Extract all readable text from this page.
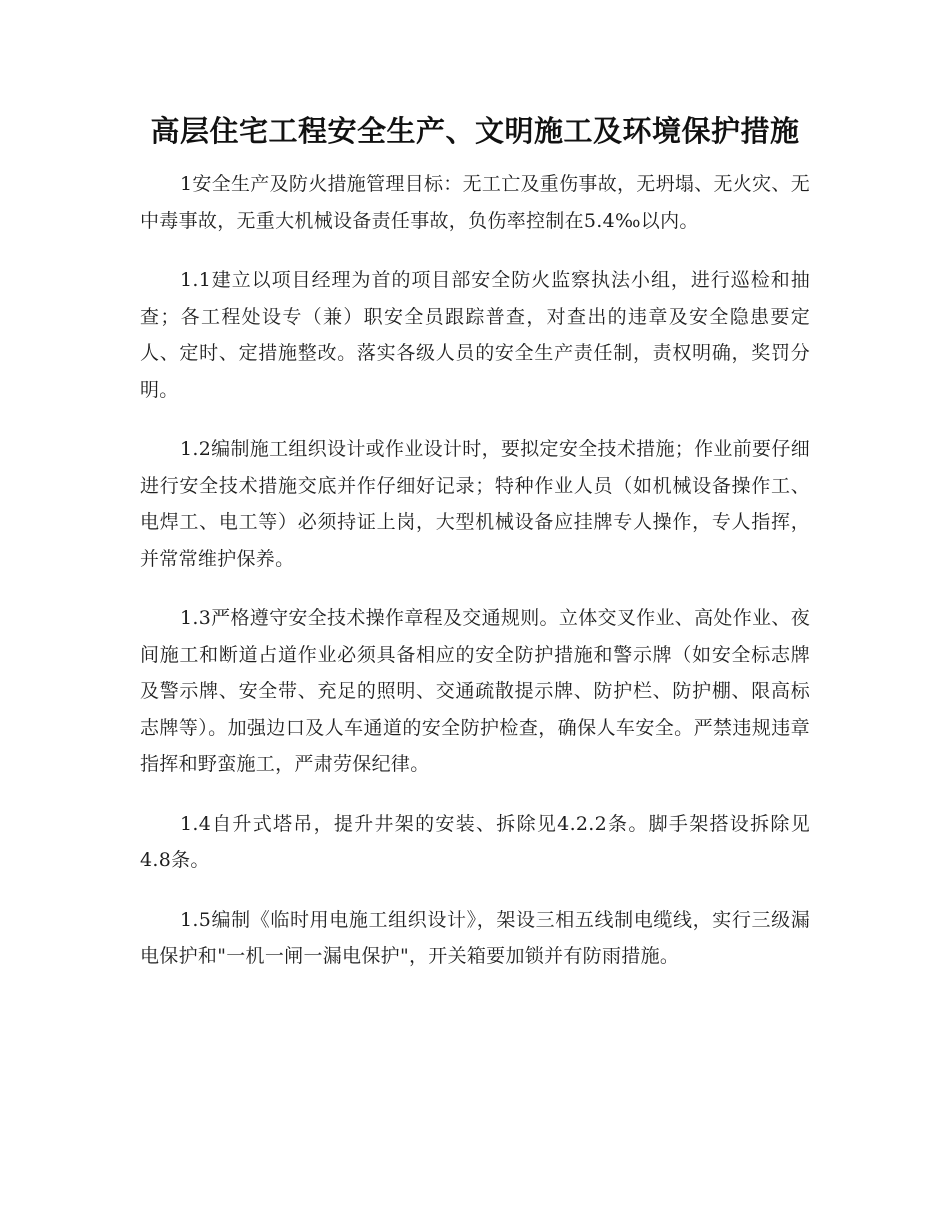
高层住宅工程安全生产、文明施工及环境保护措施

1安全生产及防火措施管理目标：无工亡及重伤事故，无坍塌、无火灾、无中毒事故，无重大机械设备责任事故，负伤率控制在5.4‰以内。

1.1建立以项目经理为首的项目部安全防火监察执法小组，进行巡检和抽查；各工程处设专（兼）职安全员跟踪普查，对查出的违章及安全隐患要定人、定时、定措施整改。落实各级人员的安全生产责任制，责权明确，奖罚分明。

1.2编制施工组织设计或作业设计时，要拟定安全技术措施；作业前要仔细进行安全技术措施交底并作仔细好记录；特种作业人员（如机械设备操作工、电焊工、电工等）必须持证上岗，大型机械设备应挂牌专人操作，专人指挥，并常常维护保养。

1.3严格遵守安全技术操作章程及交通规则。立体交叉作业、高处作业、夜间施工和断道占道作业必须具备相应的安全防护措施和警示牌（如安全标志牌及警示牌、安全带、充足的照明、交通疏散提示牌、防护栏、防护棚、限高标志牌等）。加强边口及人车通道的安全防护检查，确保人车安全。严禁违规违章指挥和野蛮施工，严肃劳保纪律。

1.4自升式塔吊，提升井架的安装、拆除见4.2.2条。脚手架搭设拆除见4.8条。

1.5编制《临时用电施工组织设计》，架设三相五线制电缆线，实行三级漏电保护和"一机一闸一漏电保护"，开关箱要加锁并有防雨措施。
